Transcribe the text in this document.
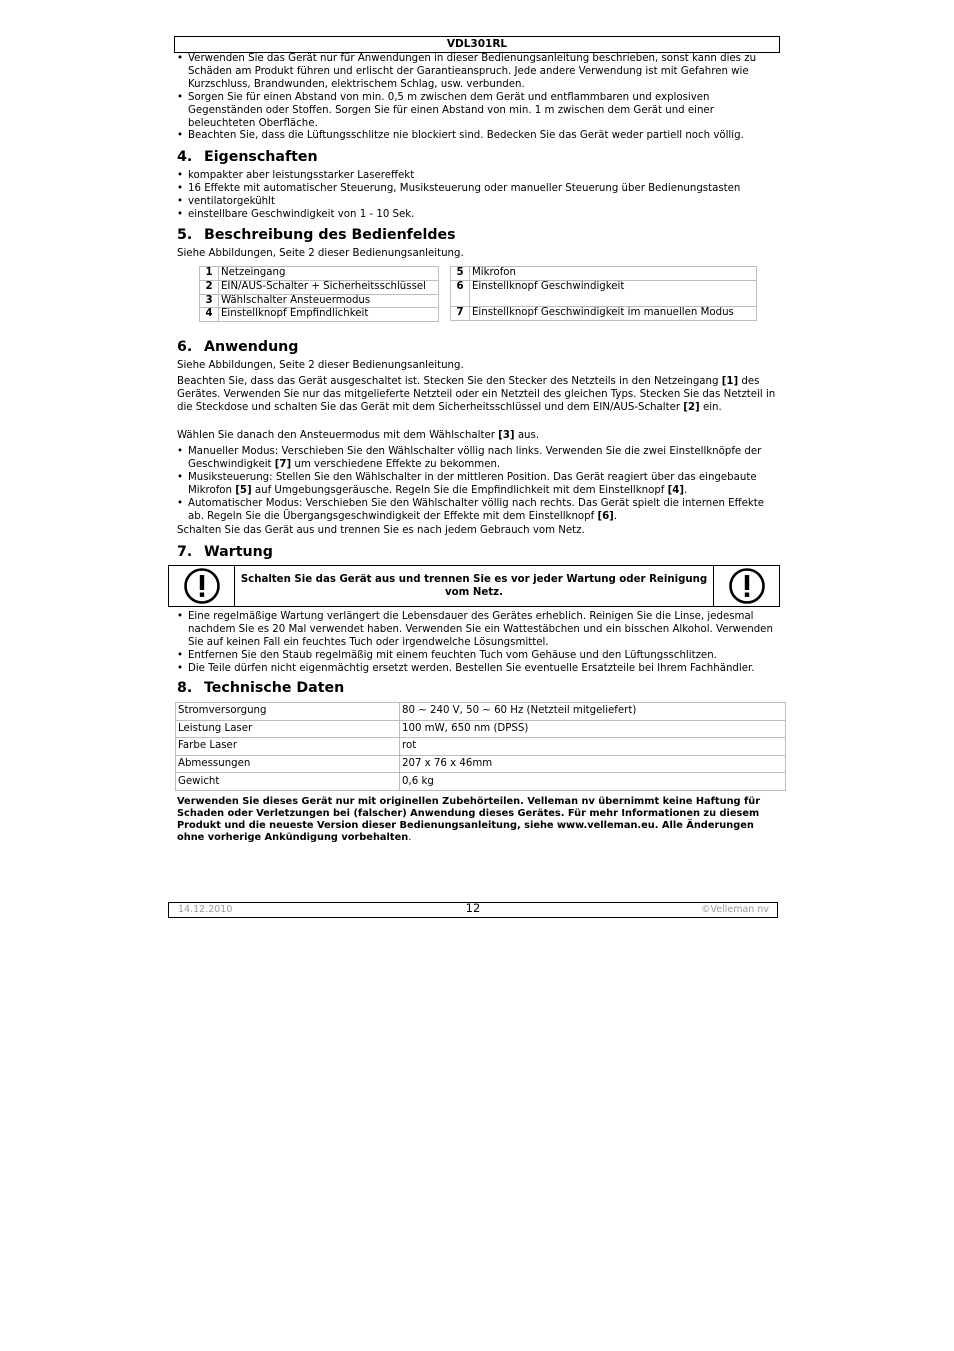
VDL301RL
• Verwenden Sie das Gerät nur für Anwendungen in dieser Bedienungsanleitung beschrieben, sonst kann dies zu Schäden am Produkt führen und erlischt der Garantieanspruch. Jede andere Verwendung ist mit Gefahren wie Kurzschluss, Brandwunden, elektrischem Schlag, usw. verbunden.
• Sorgen Sie für einen Abstand von min. 0,5 m zwischen dem Gerät und entflammbaren und explosiven Gegenständen oder Stoffen. Sorgen Sie für einen Abstand von min. 1 m zwischen dem Gerät und einer beleuchteten Oberfläche.
• Beachten Sie, dass die Lüftungsschlitze nie blockiert sind. Bedecken Sie das Gerät weder partiell noch völlig.
4. Eigenschaften
• kompakter aber leistungsstarker Lasereffekt
• 16 Effekte mit automatischer Steuerung, Musiksteuerung oder manueller Steuerung über Bedienungstasten
• ventilatorgekühlt
• einstellbare Geschwindigkeit von 1 - 10 Sek.
5. Beschreibung des Bedienfeldes

Siehe Abbildungen, Seite 2 dieser Bedienungsanleitung.

1	Netzeingang
2	EIN/AUS-Schalter + Sicherheitsschlüssel
3	Wählschalter Ansteuermodus
4	Einstellknopf Empfindlichkeit
5	Mikrofon
6	Einstellknopf Geschwindigkeit
7	Einstellknopf Geschwindigkeit im manuellen Modus
6. Anwendung

Siehe Abbildungen, Seite 2 dieser Bedienungsanleitung.

Beachten Sie, dass das Gerät ausgeschaltet ist. Stecken Sie den Stecker des Netzteils in den Netzeingang [1] des Gerätes. Verwenden Sie nur das mitgelieferte Netzteil oder ein Netzteil des gleichen Typs. Stecken Sie das Netzteil in die Steckdose und schalten Sie das Gerät mit dem Sicherheitsschlüssel und dem EIN/AUS-Schalter [2] ein.

Wählen Sie danach den Ansteuermodus mit dem Wählschalter [3] aus.

• Manueller Modus: Verschieben Sie den Wählschalter völlig nach links. Verwenden Sie die zwei Einstellknöpfe der Geschwindigkeit [7] um verschiedene Effekte zu bekommen.
• Musiksteuerung: Stellen Sie den Wählschalter in der mittleren Position. Das Gerät reagiert über das eingebaute Mikrofon [5] auf Umgebungsgeräusche. Regeln Sie die Empfindlichkeit mit dem Einstellknopf [4].
• Automatischer Modus: Verschieben Sie den Wählschalter völlig nach rechts. Das Gerät spielt die internen Effekte ab. Regeln Sie die Übergangsgeschwindigkeit der Effekte mit dem Einstellknopf [6].

Schalten Sie das Gerät aus und trennen Sie es nach jedem Gebrauch vom Netz.

7. Wartung
Schalten Sie das Gerät aus und trennen Sie es vor jeder Wartung oder Reinigung vom Netz.
• Eine regelmäßige Wartung verlängert die Lebensdauer des Gerätes erheblich. Reinigen Sie die Linse, jedesmal nachdem Sie es 20 Mal verwendet haben. Verwenden Sie ein Wattestäbchen und ein bisschen Alkohol. Verwenden Sie auf keinen Fall ein feuchtes Tuch oder irgendwelche Lösungsmittel.
• Entfernen Sie den Staub regelmäßig mit einem feuchten Tuch vom Gehäuse und den Lüftungsschlitzen.
• Die Teile dürfen nicht eigenmächtig ersetzt werden. Bestellen Sie eventuelle Ersatzteile bei Ihrem Fachhändler.
8. Technische Daten
Stromversorgung	80 ~ 240 V, 50 ~ 60 Hz (Netzteil mitgeliefert)
Leistung Laser	100 mW, 650 nm (DPSS)
Farbe Laser	rot
Abmessungen	207 x 76 x 46mm
Gewicht	0,6 kg

Verwenden Sie dieses Gerät nur mit originellen Zubehörteilen. Velleman nv übernimmt keine Haftung für Schaden oder Verletzungen bei (falscher) Anwendung dieses Gerätes. Für mehr Informationen zu diesem Produkt und die neueste Version dieser Bedienungsanleitung, siehe www.velleman.eu. Alle Änderungen ohne vorherige Ankündigung vorbehalten.

14.12.2010	12	©Velleman nv
